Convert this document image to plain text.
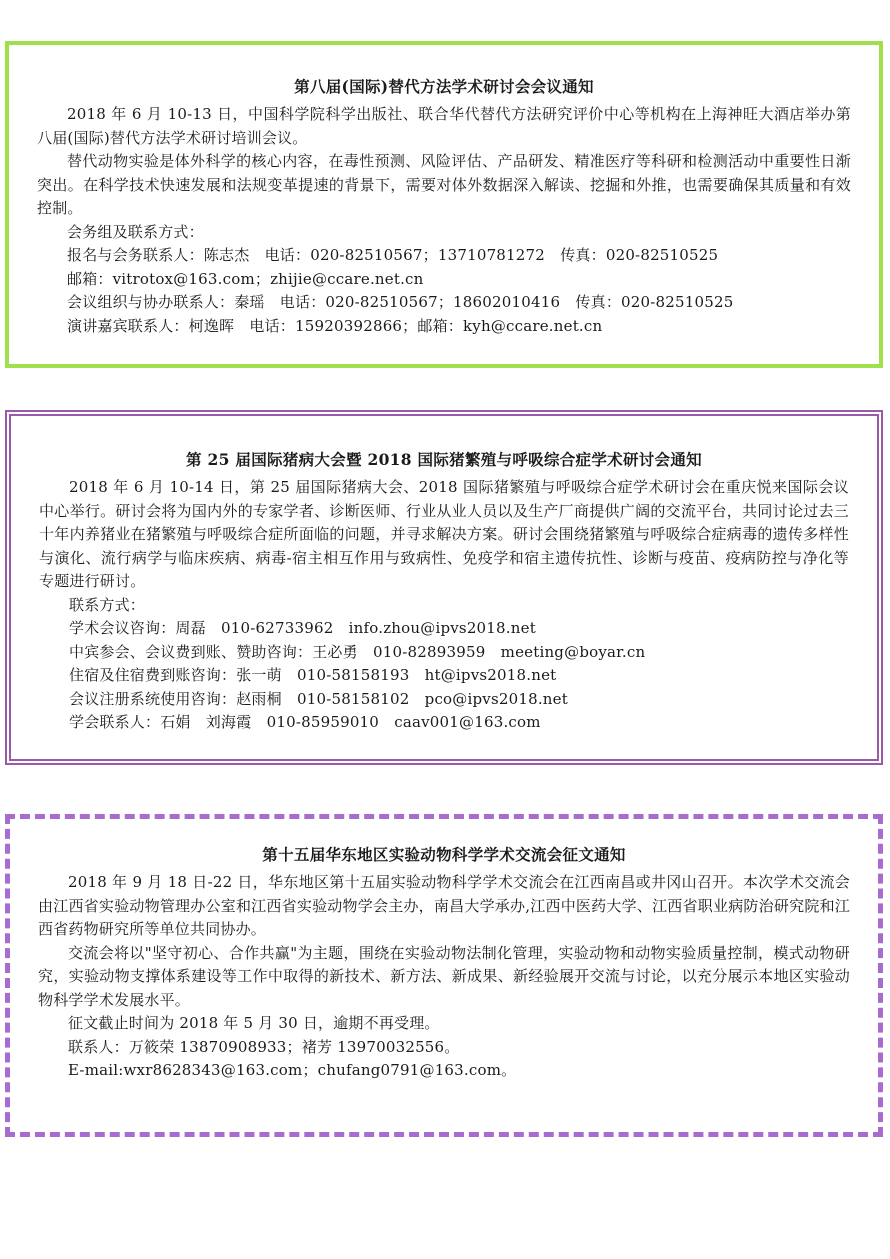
第八届(国际)替代方法学术研讨会会议通知

2018 年 6 月 10-13 日，中国科学院科学出版社、联合华代替代方法研究评价中心等机构在上海神旺大酒店举办第八届(国际)替代方法学术研讨培训会议。

替代动物实验是体外科学的核心内容，在毒性预测、风险评估、产品研发、精准医疗等科研和检测活动中重要性日渐突出。在科学技术快速发展和法规变革提速的背景下，需要对体外数据深入解读、挖掘和外推，也需要确保其质量和有效控制。

会务组及联系方式：

报名与会务联系人：陈志杰　电话：020-82510567；13710781272　传真：020-82510525

邮箱：vitrotox@163.com；zhijie@ccare.net.cn

会议组织与协办联系人：秦瑶　电话：020-82510567；18602010416　传真：020-82510525

演讲嘉宾联系人：柯逸晖　电话：15920392866；邮箱：kyh@ccare.net.cn

第 25 届国际猪病大会暨 2018 国际猪繁殖与呼吸综合症学术研讨会通知

2018 年 6 月 10-14 日，第 25 届国际猪病大会、2018 国际猪繁殖与呼吸综合症学术研讨会在重庆悦来国际会议中心举行。研讨会将为国内外的专家学者、诊断医师、行业从业人员以及生产厂商提供广阔的交流平台，共同讨论过去三十年内养猪业在猪繁殖与呼吸综合症所面临的问题，并寻求解决方案。研讨会围绕猪繁殖与呼吸综合症病毒的遗传多样性与演化、流行病学与临床疾病、病毒-宿主相互作用与致病性、免疫学和宿主遗传抗性、诊断与疫苗、疫病防控与净化等专题进行研讨。

联系方式：

学术会议咨询：周磊　010-62733962　info.zhou@ipvs2018.net

中宾参会、会议费到账、赞助咨询：王必勇　010-82893959　meeting@boyar.cn

住宿及住宿费到账咨询：张一萌　010-58158193　ht@ipvs2018.net

会议注册系统使用咨询：赵雨桐　010-58158102　pco@ipvs2018.net

学会联系人：石娟　刘海霞　010-85959010　caav001@163.com

第十五届华东地区实验动物科学学术交流会征文通知

2018 年 9 月 18 日-22 日，华东地区第十五届实验动物科学学术交流会在江西南昌或井冈山召开。本次学术交流会由江西省实验动物管理办公室和江西省实验动物学会主办，南昌大学承办,江西中医药大学、江西省职业病防治研究院和江西省药物研究所等单位共同协办。

交流会将以"坚守初心、合作共赢"为主题，围绕在实验动物法制化管理，实验动物和动物实验质量控制，模式动物研究，实验动物支撑体系建设等工作中取得的新技术、新方法、新成果、新经验展开交流与讨论，以充分展示本地区实验动物科学学术发展水平。

征文截止时间为 2018 年 5 月 30 日，逾期不再受理。

联系人：万筱荣 13870908933；褚芳 13970032556。

E-mail:wxr8628343@163.com；chufang0791@163.com。
